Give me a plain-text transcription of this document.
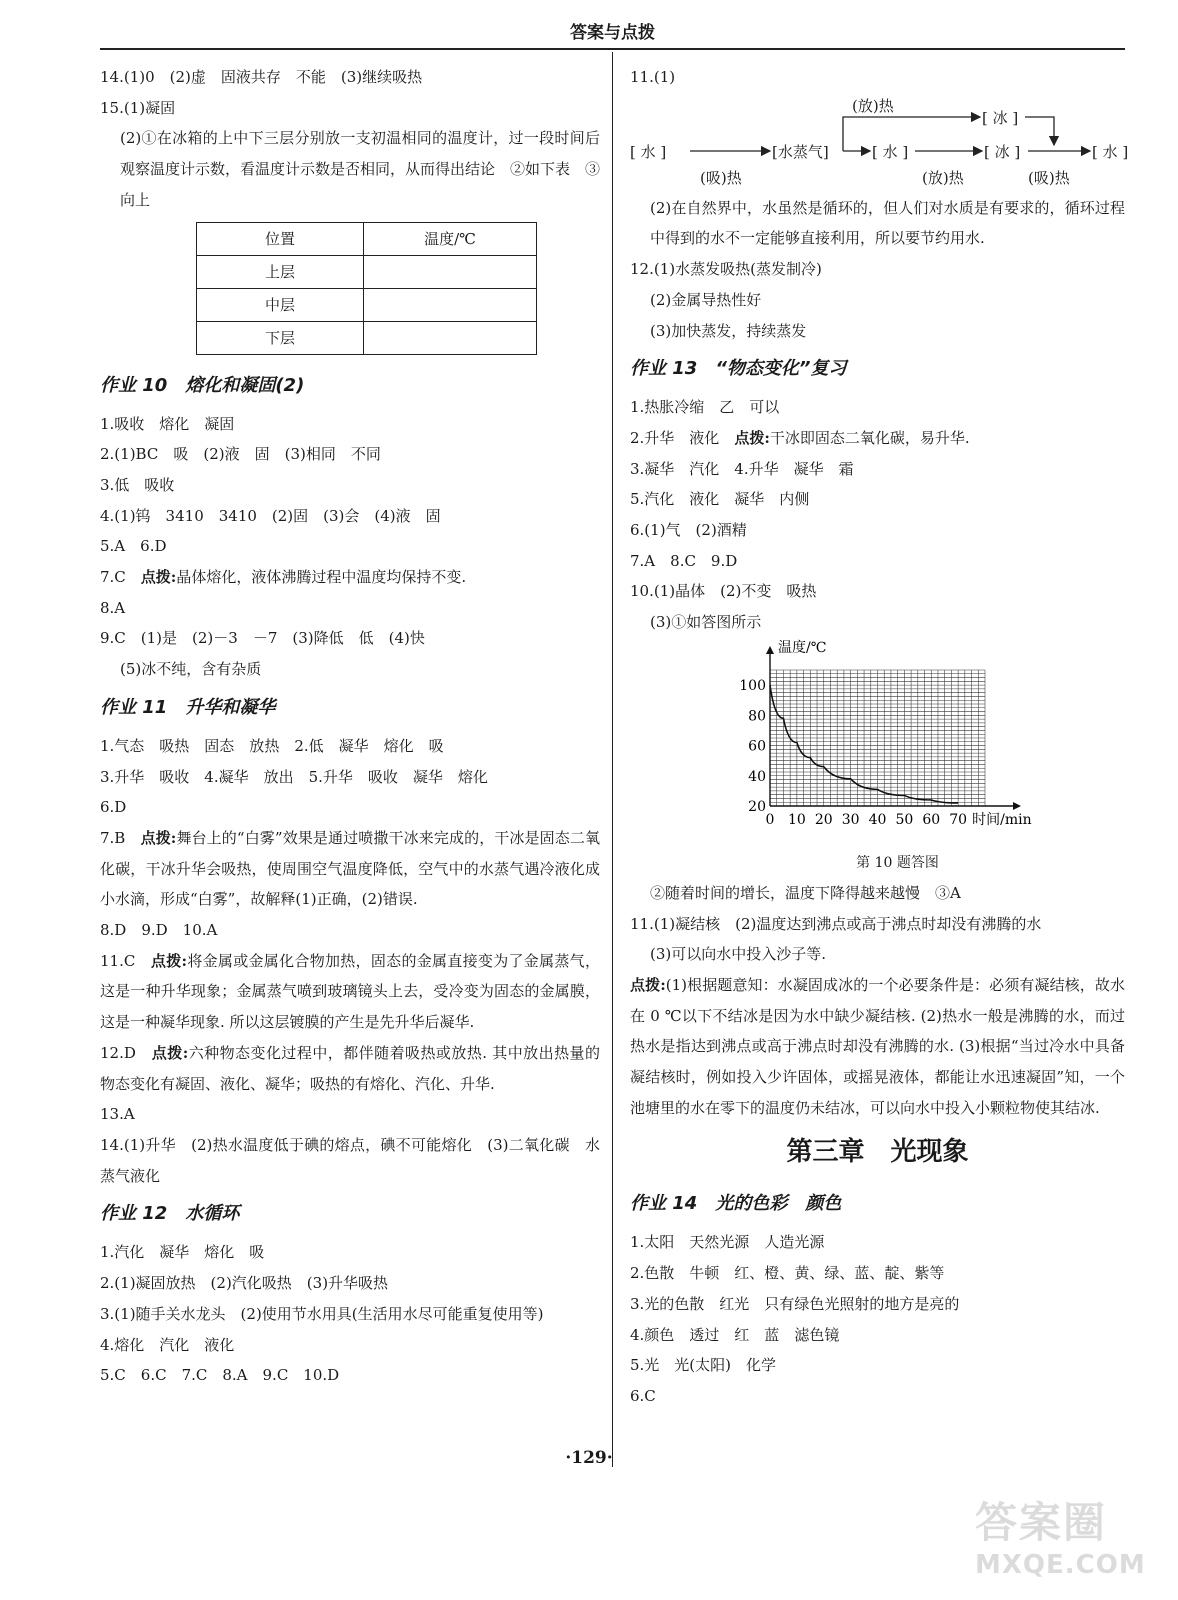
答案与点拨
14.(1)0　(2)虚　固液共存　不能　(3)继续吸热
15.(1)凝固
(2)①在冰箱的上中下三层分别放一支初温相同的温度计，过一段时间后观察温度计示数，看温度计示数是否相同，从而得出结论　②如下表　③向上
位置	温度/℃
上层	
中层	
下层	
作业 10　熔化和凝固(2)
1.吸收　熔化　凝固
2.(1)BC　吸　(2)液　固　(3)相同　不同
3.低　吸收
4.(1)钨　3410　3410　(2)固　(3)会　(4)液　固
5.A　6.D
7.C　点拨:晶体熔化，液体沸腾过程中温度均保持不变.
8.A
9.C　(1)是　(2)－3　－7　(3)降低　低　(4)快
(5)冰不纯，含有杂质
作业 11　升华和凝华
1.气态　吸热　固态　放热　2.低　凝华　熔化　吸
3.升华　吸收　4.凝华　放出　5.升华　吸收　凝华　熔化
6.D
7.B　点拨:舞台上的“白雾”效果是通过喷撒干冰来完成的，干冰是固态二氧化碳，干冰升华会吸热，使周围空气温度降低，空气中的水蒸气遇冷液化成小水滴，形成“白雾”，故解释(1)正确，(2)错误.
8.D　9.D　10.A
11.C　点拨:将金属或金属化合物加热，固态的金属直接变为了金属蒸气，这是一种升华现象；金属蒸气喷到玻璃镜头上去，受冷变为固态的金属膜，这是一种凝华现象. 所以这层镀膜的产生是先升华后凝华.
12.D　点拨:六种物态变化过程中，都伴随着吸热或放热. 其中放出热量的物态变化有凝固、液化、凝华；吸热的有熔化、汽化、升华.
13.A
14.(1)升华　(2)热水温度低于碘的熔点，碘不可能熔化　(3)二氧化碳　水蒸气液化
作业 12　水循环
1.汽化　凝华　熔化　吸
2.(1)凝固放热　(2)汽化吸热　(3)升华吸热
3.(1)随手关水龙头　(2)使用节水用具(生活用水尽可能重复使用等)
4.熔化　汽化　液化
5.C　6.C　7.C　8.A　9.C　10.D
11.(1)
[ 水 ]	[水蒸气]	[ 水 ]
[ 冰 ]
[ 冰 ]	[ 水 ]
(放)热
(吸)热	(放)热	(吸)热
(2)在自然界中，水虽然是循环的，但人们对水质是有要求的，循环过程中得到的水不一定能够直接利用，所以要节约用水.
12.(1)水蒸发吸热(蒸发制冷)
(2)金属导热性好
(3)加快蒸发，持续蒸发
作业 13　“物态变化”复习
1.热胀冷缩　乙　可以
2.升华　液化　点拨:干冰即固态二氧化碳，易升华.
3.凝华　汽化　4.升华　凝华　霜
5.汽化　液化　凝华　内侧
6.(1)气　(2)酒精
7.A　8.C　9.D
10.(1)晶体　(2)不变　吸热
(3)①如答图所示
0 10 20 30 40 50 60 70
20
40
60
80
100
温度/℃
时间/min
第 10 题答图
②随着时间的增长，温度下降得越来越慢　③A
11.(1)凝结核　(2)温度达到沸点或高于沸点时却没有沸腾的水
(3)可以向水中投入沙子等.
点拨:(1)根据题意知：水凝固成冰的一个必要条件是：必须有凝结核，故水在 0 ℃以下不结冰是因为水中缺少凝结核. (2)热水一般是沸腾的水，而过热水是指达到沸点或高于沸点时却没有沸腾的水. (3)根据“当过冷水中具备凝结核时，例如投入少许固体，或摇晃液体，都能让水迅速凝固”知，一个池塘里的水在零下的温度仍未结冰，可以向水中投入小颗粒物使其结冰.
第三章　光现象
作业 14　光的色彩　颜色
1.太阳　天然光源　人造光源
2.色散　牛顿　红、橙、黄、绿、蓝、靛、紫等
3.光的色散　红光　只有绿色光照射的地方是亮的
4.颜色　透过　红　蓝　滤色镜
5.光　光(太阳)　化学
6.C
·129·
答案圈
MXQE.COM
